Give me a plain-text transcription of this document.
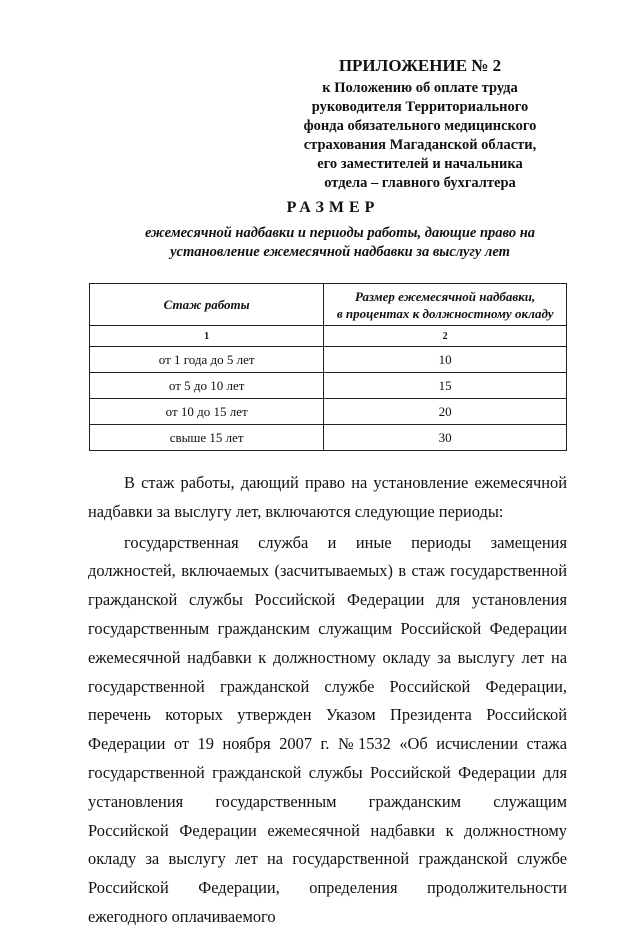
ПРИЛОЖЕНИЕ № 2
к Положению об оплате труда
руководителя Территориального
фонда обязательного медицинского
страхования Магаданской области,
его заместителей и начальника
отдела – главного бухгалтера
РАЗМЕР
ежемесячной надбавки и периоды работы, дающие право на
установление ежемесячной надбавки за выслугу лет
Стаж работы	Размер ежемесячной надбавки,
в процентах к должностному окладу

1	2
от 1 года до 5 лет	10
от 5 до 10 лет	15
от 10 до 15 лет	20
свыше 15 лет	30

В стаж работы, дающий право на установление ежемесячной надбавки за выслугу лет, включаются следующие периоды:

государственная служба и иные периоды замещения должностей, включаемых (засчитываемых) в стаж государственной гражданской службы Российской Федерации для установления государственным гражданским служащим Российской Федерации ежемесячной надбавки к должностному окладу за выслугу лет на государственной гражданской службе Российской Федерации, перечень которых утвержден Указом Президента Российской Федерации от 19 ноября 2007 г. №1532 «Об исчислении стажа государственной гражданской службы Российской Федерации для установления государственным гражданским служащим Российской Федерации ежемесячной надбавки к должностному окладу за выслугу лет на государственной гражданской службе Российской Федерации, определения продолжительности ежегодного оплачиваемого
